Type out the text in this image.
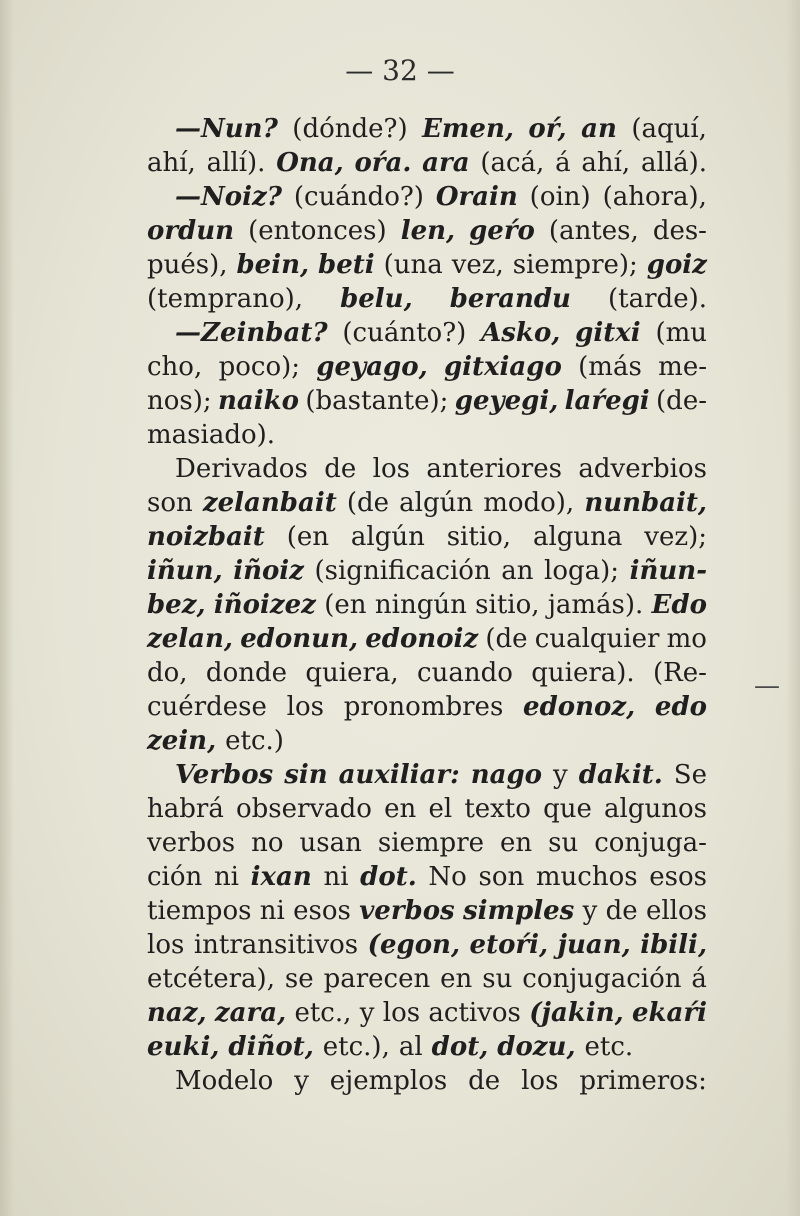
— 32 —
—Nun? (dónde?) Emen, oŕ, an (aquí,
ahí, allí). Ona, oŕa. ara (acá, á ahí, allá).
—Noiz? (cuándo?) Orain (oin) (ahora),
ordun (entonces) len, geŕo (antes, des-
pués), bein, beti (una vez, siempre); goiz
(temprano), belu, berandu (tarde).
—Zeinbat? (cuánto?) Asko, gitxi (mu
cho, poco); geyago, gitxiago (más me-
nos); naiko (bastante); geyegi, laŕegi (de-
masiado).
Derivados de los anteriores adverbios
son zelanbait (de algún modo), nunbait,
noizbait (en algún sitio, alguna vez);
iñun, iñoiz (significación an loga); iñun-
bez, iñoizez (en ningún sitio, jamás). Edo
zelan, edonun, edonoiz (de cualquier mo
do, donde quiera, cuando quiera). (Re-
cuérdese los pronombres edonoz, edo
zein, etc.)
Verbos sin auxiliar: nago y dakit. Se
habrá observado en el texto que algunos
verbos no usan siempre en su conjuga-
ción ni ixan ni dot. No son muchos esos
tiempos ni esos verbos simples y de ellos
los intransitivos (egon, etoŕi, juan, ibili,
etcétera), se parecen en su conjugación á
naz, zara, etc., y los activos (jakin, ekaŕi
euki, diñot, etc.), al dot, dozu, etc.
Modelo y ejemplos de los primeros:
—
